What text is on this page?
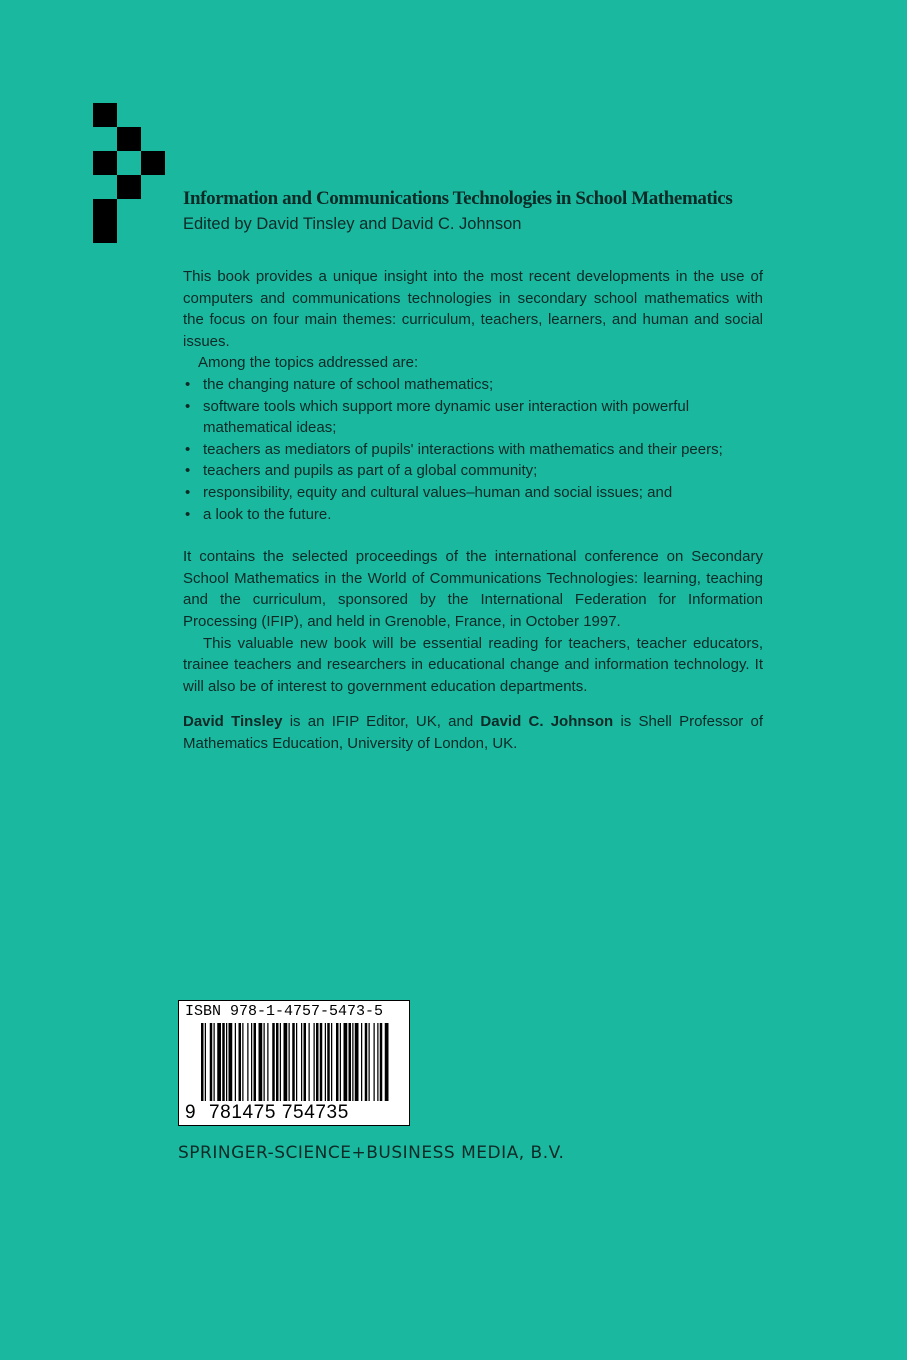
Information and Communications Technologies in School Mathematics
Edited by David Tinsley and David C. Johnson

This book provides a unique insight into the most recent developments in the use of computers and communications technologies in secondary school mathematics with the focus on four main themes: curriculum, teachers, learners, and human and social issues.

Among the topics addressed are:
• the changing nature of school mathematics;
• software tools which support more dynamic user interaction with powerful mathematical ideas;
• teachers as mediators of pupils' interactions with mathematics and their peers;
• teachers and pupils as part of a global community;
• responsibility, equity and cultural values–human and social issues; and
• a look to the future.

It contains the selected proceedings of the international conference on Secondary School Mathematics in the World of Communications Technologies: learning, teaching and the curriculum, sponsored by the International Federation for Information Processing (IFIP), and held in Grenoble, France, in October 1997.

This valuable new book will be essential reading for teachers, teacher educators, trainee teachers and researchers in educational change and information technology. It will also be of interest to government education departments.

David Tinsley is an IFIP Editor, UK, and David C. Johnson is Shell Professor of Mathematics Education, University of London, UK.

ISBN 978-1-4757-5473-5
9 781475 754735
SPRINGER-SCIENCE+BUSINESS MEDIA, B.V.
